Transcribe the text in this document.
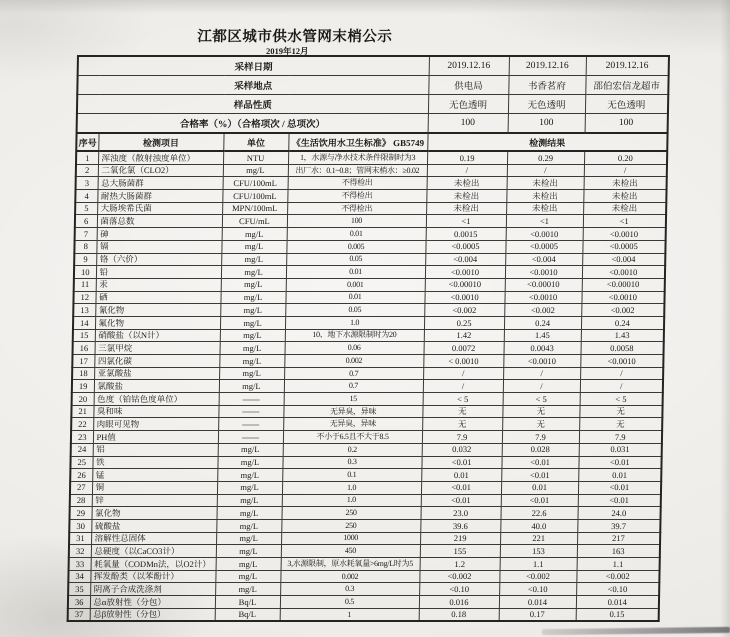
江都区城市供水管网末梢公示
2019年12月
采样日期				2019.12.16	2019.12.16	2019.12.16
采样地点				供电局	书香茗府	邵伯宏信龙超市
样品性质				无色透明	无色透明	无色透明
合格率（%）（合格项次 / 总项次）				100	100	100
序号	检测项目	单位	《生活饮用水卫生标准》 GB5749	检测结果		
1	浑浊度（散射浊度单位）	NTU	1，水源与净水技术条件限制时为3	0.19	0.29	0.20
2	二氧化氯（CLO2）	mg/L	出厂水：0.1~0.8；管网末梢水：≥0.02	/	/	/
3	总大肠菌群	CFU/100mL	不得检出	未检出	未检出	未检出
4	耐热大肠菌群	CFU/100mL	不得检出	未检出	未检出	未检出
5	大肠埃希氏菌	MPN/100mL	不得检出	未检出	未检出	未检出
6	菌落总数	CFU/mL	100	<1	<1	<1
7	砷	mg/L	0.01	0.0015	<0.0010	<0.0010
8	镉	mg/L	0.005	<0.0005	<0.0005	<0.0005
9	铬（六价）	mg/L	0.05	<0.004	<0.004	<0.004
10	铅	mg/L	0.01	<0.0010	<0.0010	<0.0010
11	汞	mg/L	0.001	<0.00010	<0.00010	<0.00010
12	硒	mg/L	0.01	<0.0010	<0.0010	<0.0010
13	氰化物	mg/L	0.05	<0.002	<0.002	<0.002
14	氟化物	mg/L	1.0	0.25	0.24	0.24
15	硝酸盐（以N计）	mg/L	10、地下水源限制时为20	1.42	1.45	1.43
16	三氯甲烷	mg/L	0.06	0.0072	0.0043	0.0058
17	四氯化碳	mg/L	0.002	< 0.0010	<0.0010	<0.0010
18	亚氯酸盐	mg/L	0.7	/	/	/
19	氯酸盐	mg/L	0.7	/	/	/
20	色度（铂钴色度单位）	——	15	< 5	< 5	< 5
21	臭和味	——	无异臭，异味	无	无	无
22	肉眼可见物	——	无异臭，异味	无	无	无
23	PH值	——	不小于6.5且不大于8.5	7.9	7.9	7.9
24	铝	mg/L	0.2	0.032	0.028	0.031
25	铁	mg/L	0.3	<0.01	<0.01	<0.01
26	锰	mg/L	0.1	0.01	<0.01	0.01
27	铜	mg/L	1.0	<0.01	0.01	<0.01
28	锌	mg/L	1.0	<0.01	<0.01	<0.01
29	氯化物	mg/L	250	23.0	22.6	24.0
30	硫酸盐	mg/L	250	39.6	40.0	39.7
31	溶解性总固体	mg/L	1000	219	221	217
32	总硬度（以CaCO3计）	mg/L	450	155	153	163
33	耗氧量（CODMn法，以O2计）	mg/L	3,水源限制，原水耗氧量>6mg/L时为5	1.2	1.1	1.1
34	挥发酚类（以苯酚计）	mg/L	0.002	<0.002	<0.002	<0.002
35	阴离子合成洗涤剂	mg/L	0.3	<0.10	<0.10	<0.10
36	总α放射性（分包）	Bq/L	0.5	0.016	0.014	0.014
37	总β放射性（分包）	Bq/L	1	0.18	0.17	0.15
